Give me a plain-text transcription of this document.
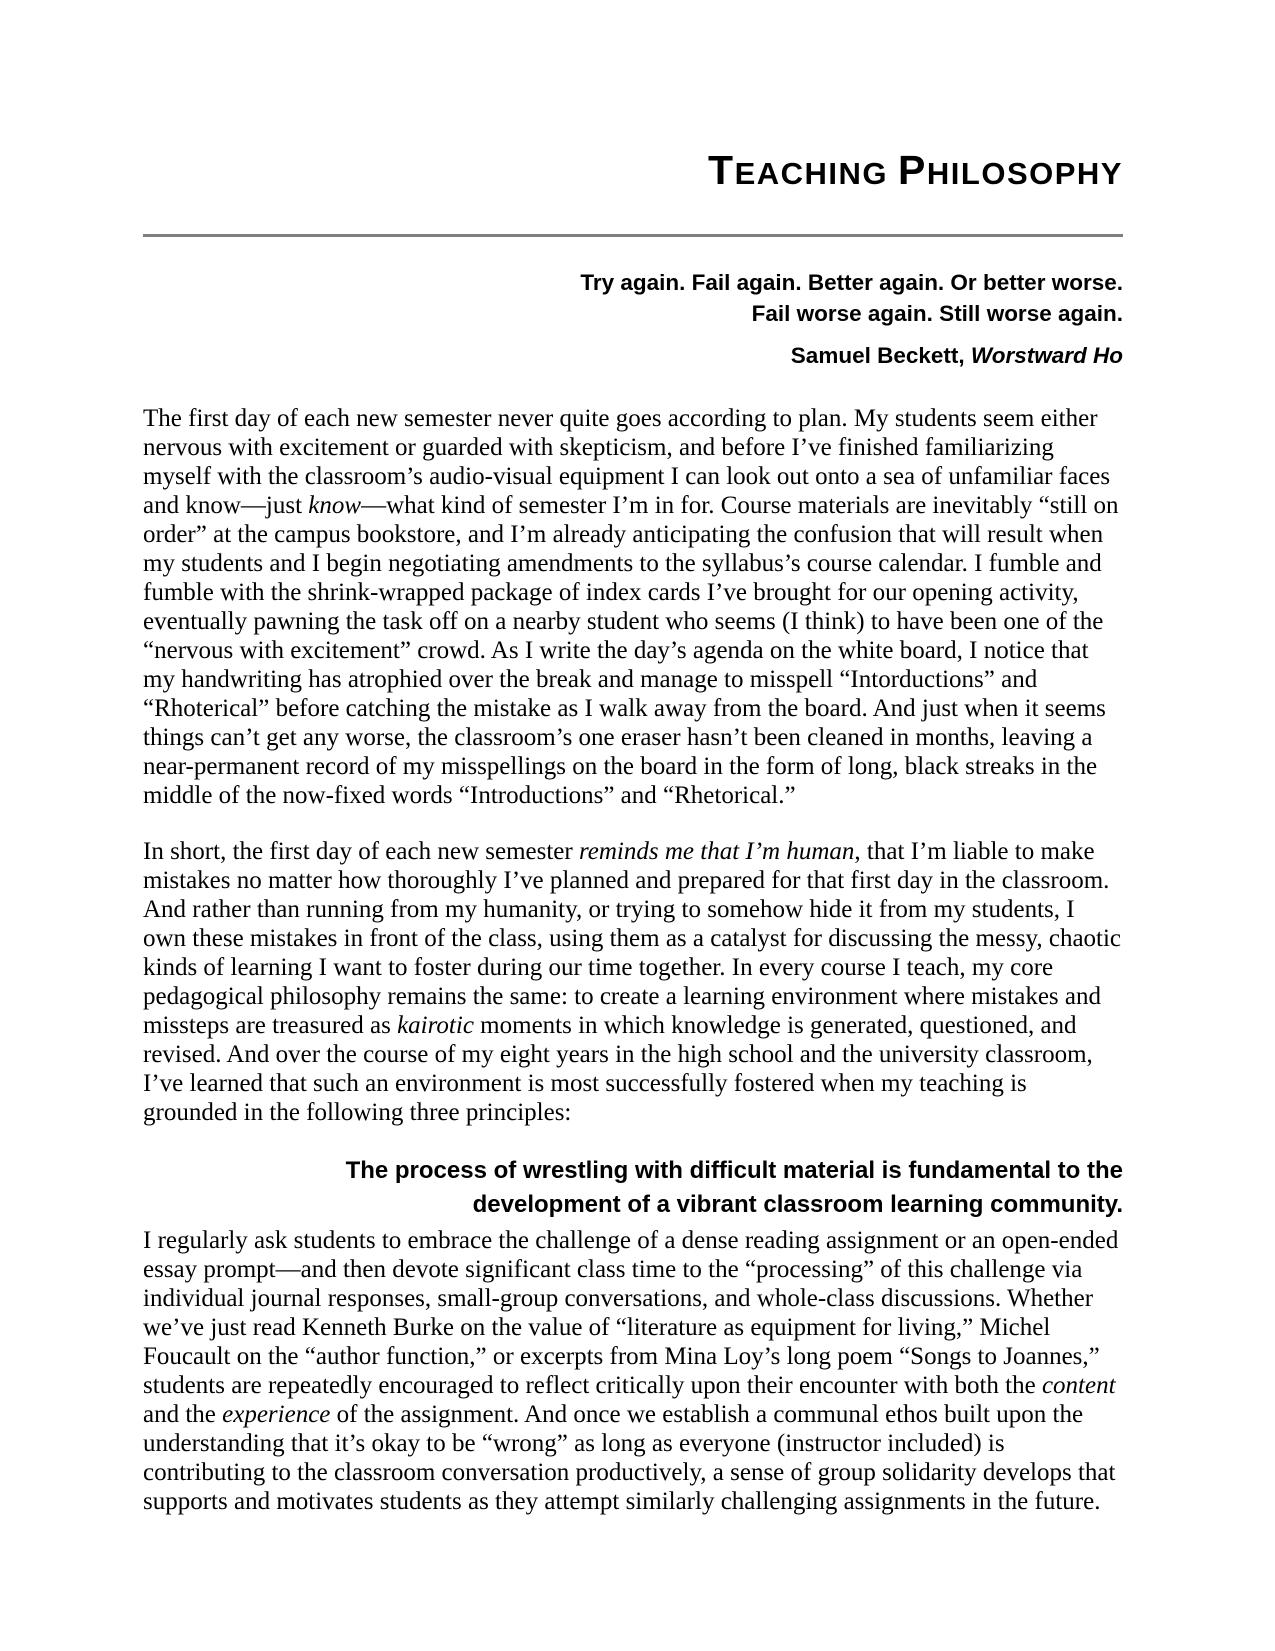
TEACHING PHILOSOPHY
Try again. Fail again. Better again. Or better worse.
Fail worse again. Still worse again.
Samuel Beckett, Worstward Ho

The first day of each new semester never quite goes according to plan. My students seem either nervous with excitement or guarded with skepticism, and before I’ve finished familiarizing myself with the classroom’s audio-visual equipment I can look out onto a sea of unfamiliar faces and know—just know—what kind of semester I’m in for. Course materials are inevitably “still on order” at the campus bookstore, and I’m already anticipating the confusion that will result when my students and I begin negotiating amendments to the syllabus’s course calendar. I fumble and fumble with the shrink-wrapped package of index cards I’ve brought for our opening activity, eventually pawning the task off on a nearby student who seems (I think) to have been one of the “nervous with excitement” crowd. As I write the day’s agenda on the white board, I notice that my handwriting has atrophied over the break and manage to misspell “Intorductions” and “Rhoterical” before catching the mistake as I walk away from the board. And just when it seems things can’t get any worse, the classroom’s one eraser hasn’t been cleaned in months, leaving a near-permanent record of my misspellings on the board in the form of long, black streaks in the middle of the now-fixed words “Introductions” and “Rhetorical.”

In short, the first day of each new semester reminds me that I’m human, that I’m liable to make mistakes no matter how thoroughly I’ve planned and prepared for that first day in the classroom. And rather than running from my humanity, or trying to somehow hide it from my students, I own these mistakes in front of the class, using them as a catalyst for discussing the messy, chaotic kinds of learning I want to foster during our time together. In every course I teach, my core pedagogical philosophy remains the same: to create a learning environment where mistakes and missteps are treasured as kairotic moments in which knowledge is generated, questioned, and revised. And over the course of my eight years in the high school and the university classroom, I’ve learned that such an environment is most successfully fostered when my teaching is grounded in the following three principles:

The process of wrestling with difficult material is fundamental to the
development of a vibrant classroom learning community.

I regularly ask students to embrace the challenge of a dense reading assignment or an open-ended essay prompt—and then devote significant class time to the “processing” of this challenge via individual journal responses, small-group conversations, and whole-class discussions. Whether we’ve just read Kenneth Burke on the value of “literature as equipment for living,” Michel Foucault on the “author function,” or excerpts from Mina Loy’s long poem “Songs to Joannes,” students are repeatedly encouraged to reflect critically upon their encounter with both the content and the experience of the assignment. And once we establish a communal ethos built upon the understanding that it’s okay to be “wrong” as long as everyone (instructor included) is contributing to the classroom conversation productively, a sense of group solidarity develops that supports and motivates students as they attempt similarly challenging assignments in the future.
